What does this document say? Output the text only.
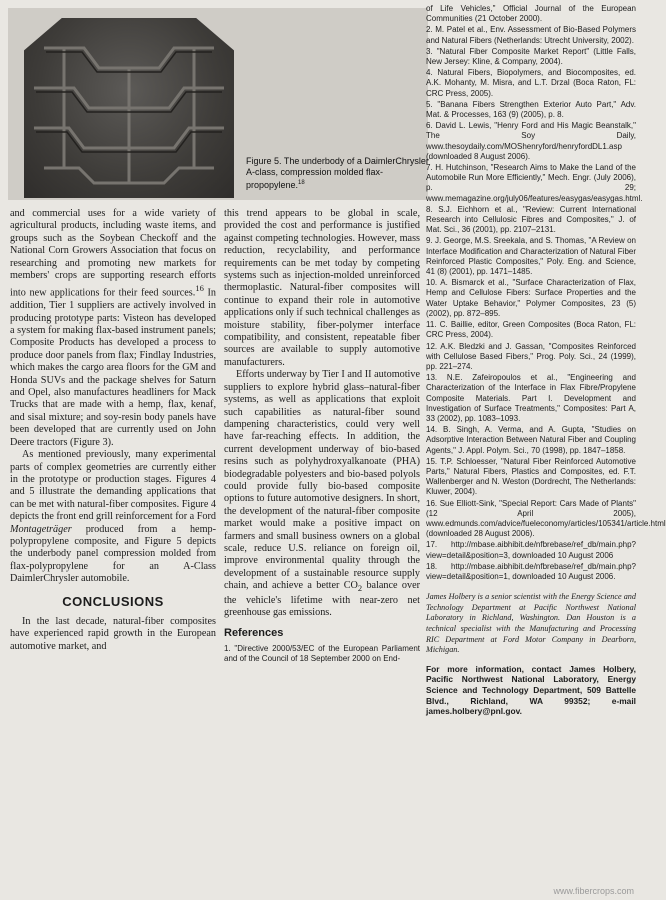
Figure 5. The underbody of a DaimlerChrysler A-class, compression molded flax-propopylene.$^{18}$

and commercial uses for a wide variety of agricultural products, including waste items, and groups such as the Soybean Checkoff and the National Corn Growers Association that focus on researching and promoting new markets for members' crops are supporting research efforts into new applications for their feed sources.$^{16}$ In addition, Tier 1 suppliers are actively involved in producing prototype parts: Visteon has developed a system for making flax-based instrument panels; Composite Products has developed a process to produce door panels from flax; Findlay Industries, which makes the cargo area floors for the GM and Honda SUVs and the package shelves for Saturn and Opel, also manufactures headliners for Mack Trucks that are made with a hemp, flax, kenaf, and sisal mixture; and soy-resin body panels have been developed that are currently used on John Deere tractors (Figure 3).

As mentioned previously, many experimental parts of complex geometries are currently either in the prototype or production stages. Figures 4 and 5 illustrate the demanding applications that can be met with natural-fiber composites. Figure 4 depicts the front end grill reinforcement for a Ford Montageträger produced from a hemp-polypropylene composite, and Figure 5 depicts the underbody panel compression molded from flax-polypropylene for an A-Class DaimlerChrysler automobile.

CONCLUSIONS

In the last decade, natural-fiber composites have experienced rapid growth in the European automotive market, and

this trend appears to be global in scale, provided the cost and performance is justified against competing technologies. However, mass reduction, recyclability, and performance requirements can be met today by competing systems such as injection-molded unreinforced thermoplastic. Natural-fiber composites will continue to expand their role in automotive applications only if such technical challenges as moisture stability, fiber-polymer interface compatibility, and consistent, repeatable fiber sources are available to supply automotive manufacturers.

Efforts underway by Tier I and II automotive suppliers to explore hybrid glass–natural-fiber systems, as well as applications that exploit such capabilities as natural-fiber sound dampening characteristics, could very well have far-reaching effects. In addition, the current development underway of bio-based resins such as polyhydroxyalkanoate (PHA) biodegradable polyesters and bio-based polyols could provide fully bio-based composite options to future automotive designers. In short, the development of the natural-fiber composite market would make a positive impact on farmers and small business owners on a global scale, reduce U.S. reliance on foreign oil, improve environmental quality through the development of a sustainable resource supply chain, and achieve a better $CO_2$ balance over the vehicle's lifetime with near-zero net greenhouse gas emissions.

References
1. "Directive 2000/53/EC of the European Parliament and of the Council of 18 September 2000 on End-
of Life Vehicles," Official Journal of the European Communities (21 October 2000).
2. M. Patel et al., Env. Assessment of Bio-Based Polymers and Natural Fibers (Netherlands: Utrecht University, 2002).
3. "Natural Fiber Composite Market Report" (Little Falls, New Jersey: Kline, & Company, 2004).
4. Natural Fibers, Biopolymers, and Biocomposites, ed. A.K. Mohanty, M. Misra, and L.T. Drzal (Boca Raton, FL: CRC Press, 2005).
5. "Banana Fibers Strengthen Exterior Auto Part," Adv. Mat. & Processes, 163 (9) (2005), p. 8.
6. David L. Lewis, "Henry Ford and His Magic Beanstalk," The Soy Daily, www.thesoydaily.com/MOShenryford/henryfordDL1.asp (downloaded 8 August 2006).
7. H. Hutchinson, "Research Aims to Make the Land of the Automobile Run More Efficiently," Mech. Engr. (July 2006), p. 29; www.memagazine.org/july06/features/easygas/easygas.html.
8. S.J. Eichhorn et al., "Review: Current International Research into Cellulosic Fibres and Composites," J. of Mat. Sci., 36 (2001), pp. 2107–2131.
9. J. George, M.S. Sreekala, and S. Thomas, "A Review on Interface Modification and Characterization of Natural Fiber Reinforced Plastic Composites," Poly. Eng. and Science, 41 (8) (2001), pp. 1471–1485.
10. A. Bismarck et al., "Surface Characterization of Flax, Hemp and Cellulose Fibers: Surface Properties and the Water Uptake Behavior," Polymer Composites, 23 (5) (2002), pp. 872–895.
11. C. Baillie, editor, Green Composites (Boca Raton, FL: CRC Press, 2004).
12. A.K. Bledzki and J. Gassan, "Composites Reinforced with Cellulose Based Fibers," Prog. Poly. Sci., 24 (1999), pp. 221–274.
13. N.E. Zafeiropoulos et al., "Engineering and Characterization of the Interface in Flax Fibre/Propylene Composite Materials. Part I. Development and Investigation of Surface Treatments," Composites: Part A, 33 (2002), pp. 1083–1093.
14. B. Singh, A. Verma, and A. Gupta, "Studies on Adsorptive Interaction Between Natural Fiber and Coupling Agents," J. Appl. Polym. Sci., 70 (1998), pp. 1847–1858.
15. T.P. Schloesser, "Natural Fiber Reinforced Automotive Parts," Natural Fibers, Plastics and Composites, ed. F.T. Wallenberger and N. Weston (Dordrecht, The Netherlands: Kluwer, 2004).
16. Sue Elliott-Sink, "Special Report: Cars Made of Plants" (12 April 2005), www.edmunds.com/advice/fueleconomy/articles/105341/article.html (downloaded 28 August 2006).
17. http://mbase.aibhibit.de/nfbrebase/ref_db/main.php?view=detail&position=3, downloaded 10 August 2006
18. http://mbase.aibhibit.de/nfbrebase/ref_db/main.php?view=detail&position=1, downloaded 10 August 2006.
James Holbery is a senior scientist with the Energy Science and Technology Department at Pacific Northwest National Laboratory in Richland, Washington. Dan Houston is a technical specialist with the Manufacturing and Processing RIC Department at Ford Motor Company in Dearborn, Michigan.
For more information, contact James Holbery, Pacific Northwest National Laboratory, Energy Science and Technology Department, 509 Battelle Blvd., Richland, WA 99352; e-mail james.holbery@pnl.gov.
www.fibercrops.com
